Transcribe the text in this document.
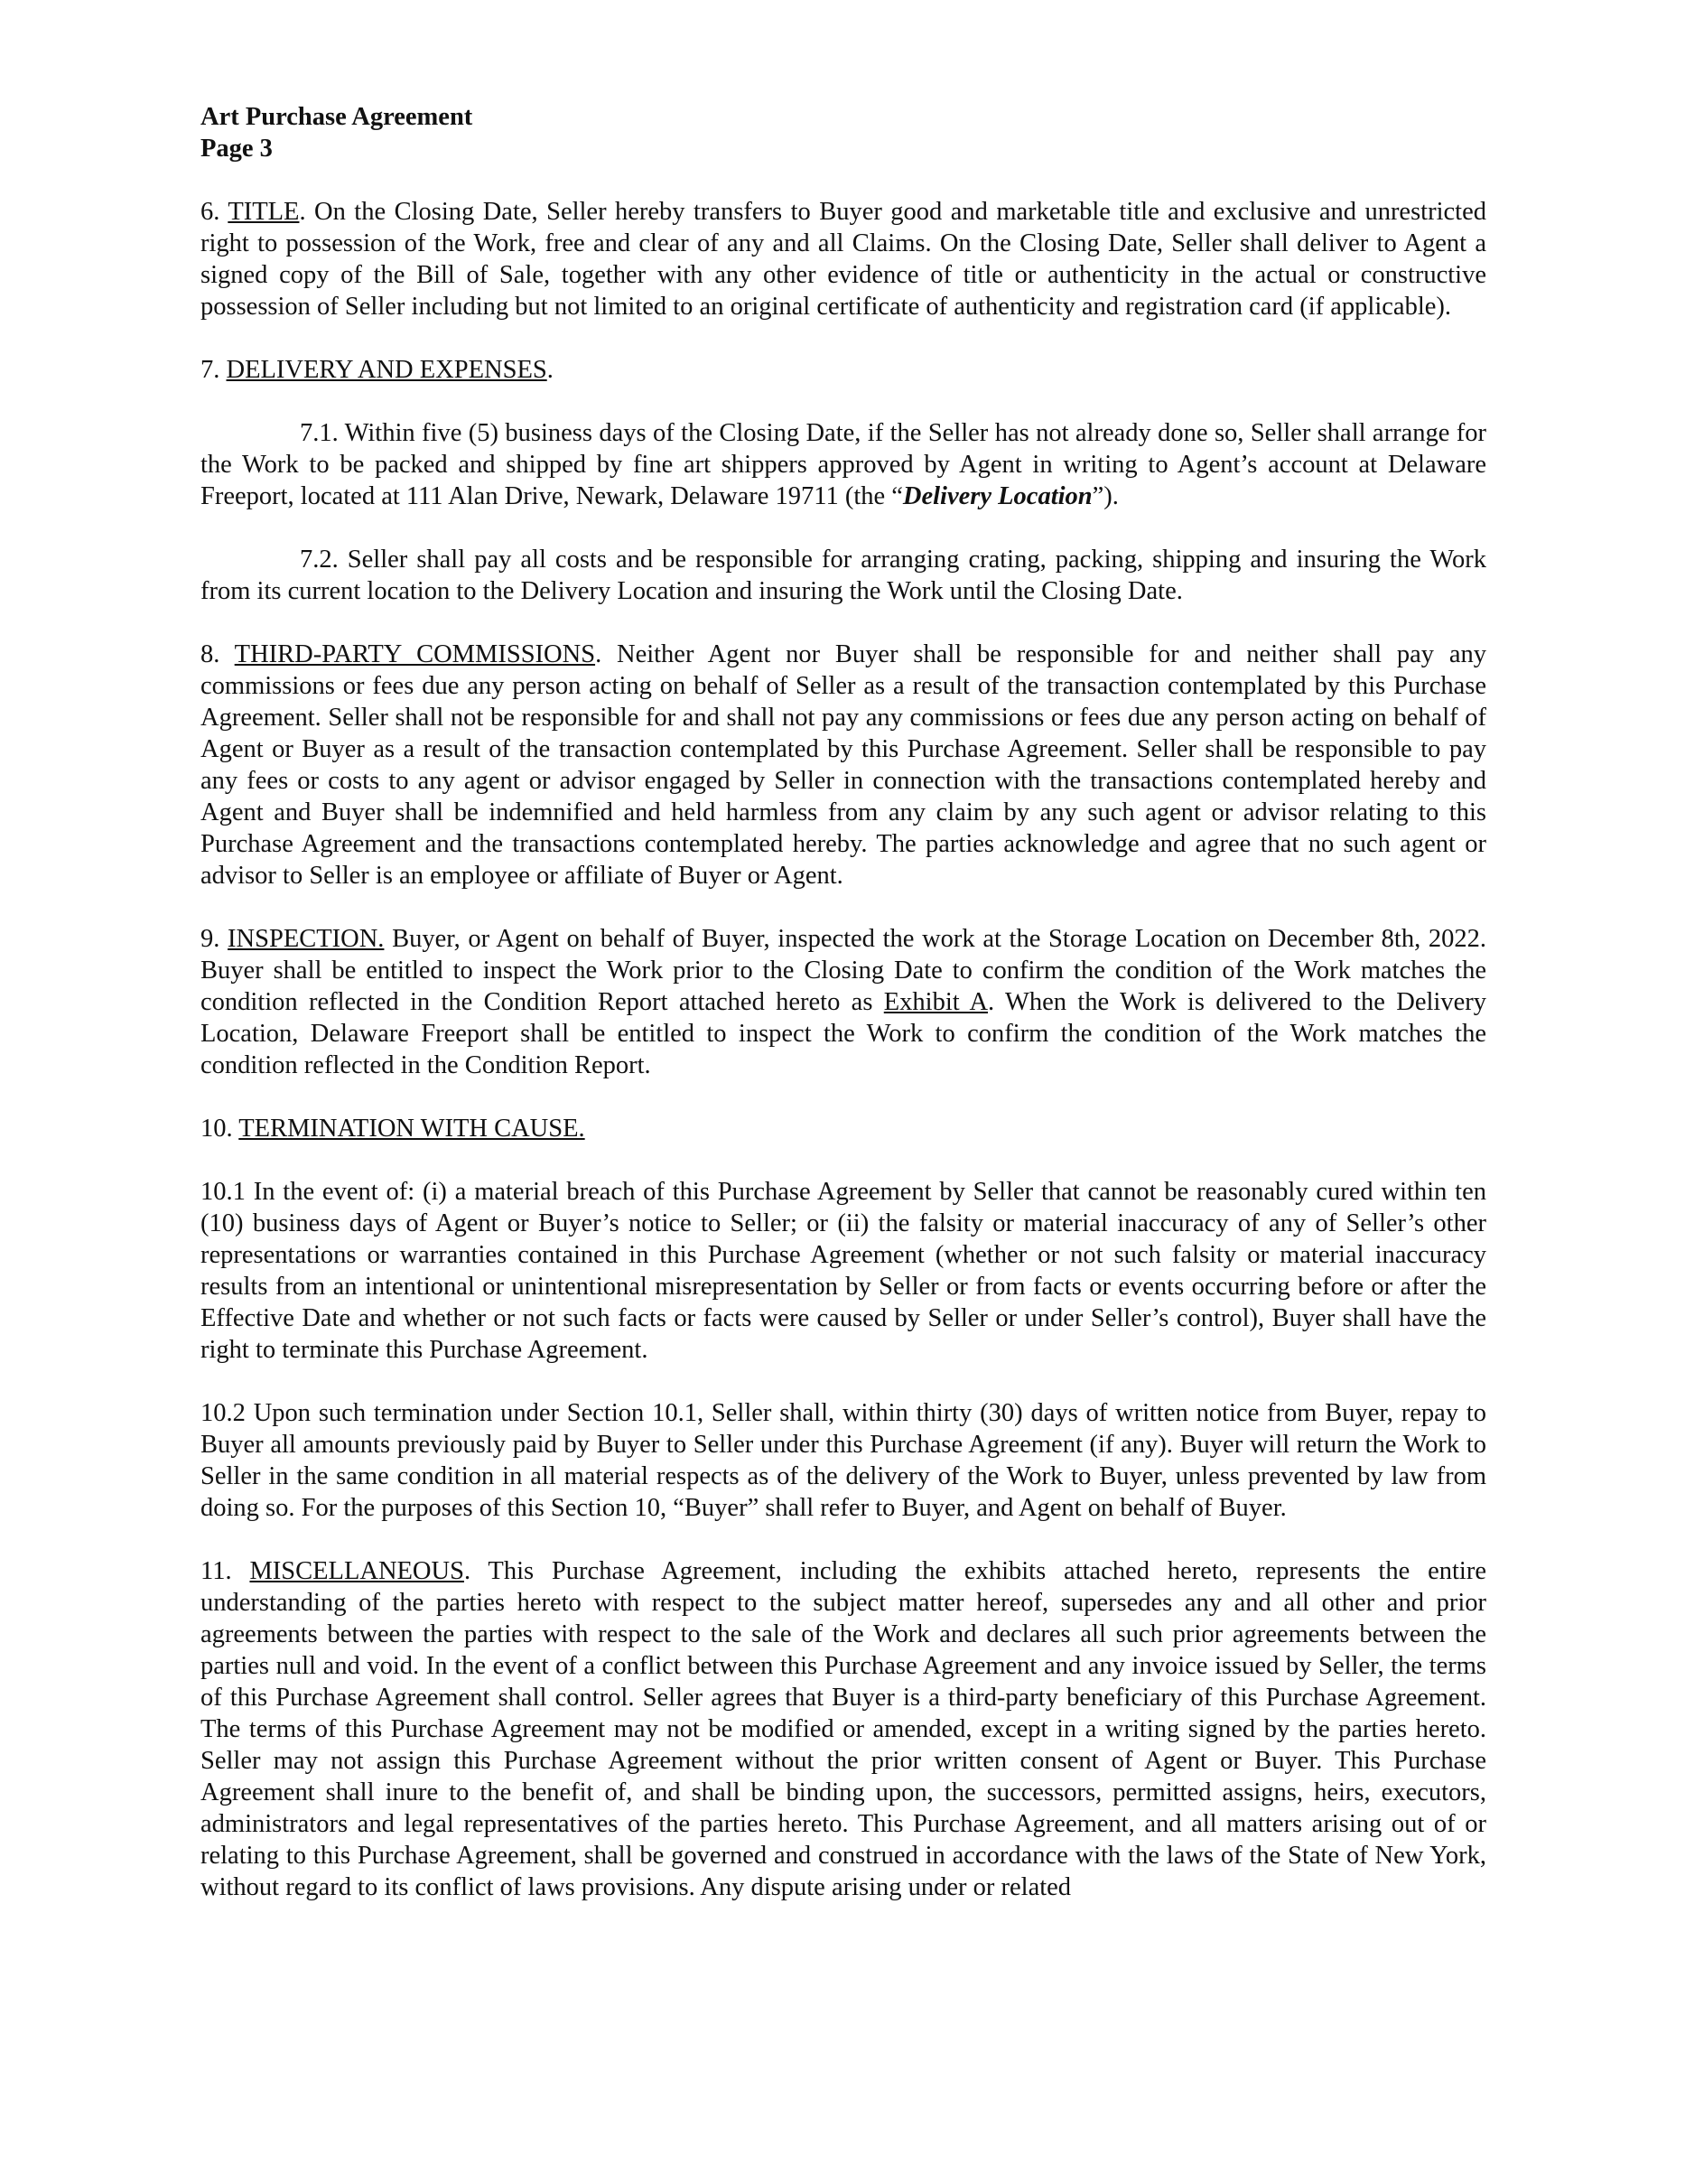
Art Purchase Agreement
Page 3

6. TITLE. On the Closing Date, Seller hereby transfers to Buyer good and marketable title and exclusive and unrestricted right to possession of the Work, free and clear of any and all Claims. On the Closing Date, Seller shall deliver to Agent a signed copy of the Bill of Sale, together with any other evidence of title or authenticity in the actual or constructive possession of Seller including but not limited to an original certificate of authenticity and registration card (if applicable).

7. DELIVERY AND EXPENSES.

7.1. Within five (5) business days of the Closing Date, if the Seller has not already done so, Seller shall arrange for the Work to be packed and shipped by fine art shippers approved by Agent in writing to Agent’s account at Delaware Freeport, located at 111 Alan Drive, Newark, Delaware 19711 (the “Delivery Location”).

7.2. Seller shall pay all costs and be responsible for arranging crating, packing, shipping and insuring the Work from its current location to the Delivery Location and insuring the Work until the Closing Date.

8. THIRD-PARTY COMMISSIONS. Neither Agent nor Buyer shall be responsible for and neither shall pay any commissions or fees due any person acting on behalf of Seller as a result of the transaction contemplated by this Purchase Agreement. Seller shall not be responsible for and shall not pay any commissions or fees due any person acting on behalf of Agent or Buyer as a result of the transaction contemplated by this Purchase Agreement. Seller shall be responsible to pay any fees or costs to any agent or advisor engaged by Seller in connection with the transactions contemplated hereby and Agent and Buyer shall be indemnified and held harmless from any claim by any such agent or advisor relating to this Purchase Agreement and the transactions contemplated hereby. The parties acknowledge and agree that no such agent or advisor to Seller is an employee or affiliate of Buyer or Agent.

9. INSPECTION. Buyer, or Agent on behalf of Buyer, inspected the work at the Storage Location on December 8th, 2022. Buyer shall be entitled to inspect the Work prior to the Closing Date to confirm the condition of the Work matches the condition reflected in the Condition Report attached hereto as Exhibit A. When the Work is delivered to the Delivery Location, Delaware Freeport shall be entitled to inspect the Work to confirm the condition of the Work matches the condition reflected in the Condition Report.

10. TERMINATION WITH CAUSE.

10.1 In the event of: (i) a material breach of this Purchase Agreement by Seller that cannot be reasonably cured within ten (10) business days of Agent or Buyer’s notice to Seller; or (ii) the falsity or material inaccuracy of any of Seller’s other representations or warranties contained in this Purchase Agreement (whether or not such falsity or material inaccuracy results from an intentional or unintentional misrepresentation by Seller or from facts or events occurring before or after the Effective Date and whether or not such facts or facts were caused by Seller or under Seller’s control), Buyer shall have the right to terminate this Purchase Agreement.

10.2 Upon such termination under Section 10.1, Seller shall, within thirty (30) days of written notice from Buyer, repay to Buyer all amounts previously paid by Buyer to Seller under this Purchase Agreement (if any). Buyer will return the Work to Seller in the same condition in all material respects as of the delivery of the Work to Buyer, unless prevented by law from doing so. For the purposes of this Section 10, “Buyer” shall refer to Buyer, and Agent on behalf of Buyer.

11. MISCELLANEOUS. This Purchase Agreement, including the exhibits attached hereto, represents the entire understanding of the parties hereto with respect to the subject matter hereof, supersedes any and all other and prior agreements between the parties with respect to the sale of the Work and declares all such prior agreements between the parties null and void. In the event of a conflict between this Purchase Agreement and any invoice issued by Seller, the terms of this Purchase Agreement shall control. Seller agrees that Buyer is a third-party beneficiary of this Purchase Agreement. The terms of this Purchase Agreement may not be modified or amended, except in a writing signed by the parties hereto. Seller may not assign this Purchase Agreement without the prior written consent of Agent or Buyer. This Purchase Agreement shall inure to the benefit of, and shall be binding upon, the successors, permitted assigns, heirs, executors, administrators and legal representatives of the parties hereto. This Purchase Agreement, and all matters arising out of or relating to this Purchase Agreement, shall be governed and construed in accordance with the laws of the State of New York, without regard to its conflict of laws provisions. Any dispute arising under or related
